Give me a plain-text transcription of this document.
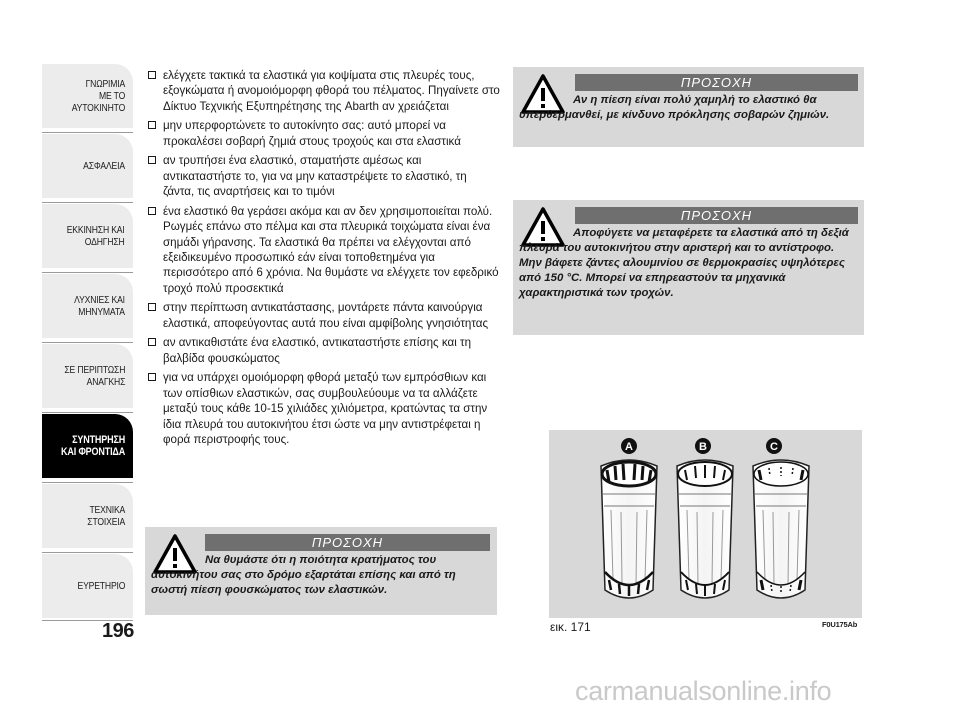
ΓΝΩΡΙΜΙΑ
ΜΕ ΤΟ
ΑΥΤΟΚΙΝΗΤΟ
ΑΣΦΑΛΕΙΑ
ΕΚΚΙΝΗΣΗ ΚΑΙ
ΟΔΗΓΗΣΗ
ΛΥΧΝΙΕΣ ΚΑΙ
ΜΗΝΥΜΑΤΑ
ΣΕ ΠΕΡΙΠΤΩΣΗ
ΑΝΑΓΚΗΣ
ΣΥΝΤΗΡΗΣΗ
ΚΑΙ ΦΡΟΝΤΙΔΑ
ΤΕΧΝΙΚΑ
ΣΤΟΙΧΕΙΑ
ΕΥΡΕΤΗΡΙΟ
196
ελέγχετε τακτικά τα ελαστικά για κοψίματα στις πλευρές τους, εξογκώματα ή ανομοιόμορφη φθορά του πέλματος. Πηγαίνετε στο Δίκτυο Τεχνικής Εξυπηρέτησης της Abarth αν χρειάζεται
μην υπερφορτώνετε το αυτοκίνητο σας: αυτό μπορεί να προκαλέσει σοβαρή ζημιά στους τροχούς και στα ελαστικά
αν τρυπήσει ένα ελαστικό, σταματήστε αμέσως και αντικαταστήστε το, για να μην καταστρέψετε το ελαστικό, τη ζάντα, τις αναρτήσεις και το τιμόνι
ένα ελαστικό θα γεράσει ακόμα και αν δεν χρησιμοποιείται πολύ. Ρωγμές επάνω στο πέλμα και στα πλευρικά τοιχώματα είναι ένα σημάδι γήρανσης. Τα ελαστικά θα πρέπει να ελέγχονται από εξειδικευμένο προσωπικό εάν είναι τοποθετημένα για περισσότερο από 6 χρόνια. Να θυμάστε να ελέγχετε τον εφεδρικό τροχό πολύ προσεκτικά
στην περίπτωση αντικατάστασης, μοντάρετε πάντα καινούργια ελαστικά, αποφεύγοντας αυτά που είναι αμφίβολης γνησιότητας
αν αντικαθιστάτε ένα ελαστικό, αντικαταστήστε επίσης και τη βαλβίδα φουσκώματος
για να υπάρχει ομοιόμορφη φθορά μεταξύ των εμπρόσθιων και των οπίσθιων ελαστικών, σας συμβουλεύουμε να τα αλλάζετε μεταξύ τους κάθε 10-15 χιλιάδες χιλιόμετρα, κρατώντας τα στην ίδια πλευρά του αυτοκινήτου έτσι ώστε να μην αντιστρέφεται η φορά περιστροφής τους.
ΠΡΟΣΟΧΗ
Να θυμάστε ότι η ποιότητα κρατήματος του αυτοκινήτου σας στο δρόμο εξαρτάται επίσης και από τη σωστή πίεση φουσκώματος των ελαστικών.
ΠΡΟΣΟΧΗ
Αν η πίεση είναι πολύ χαμηλή το ελαστικό θα υπερθερμανθεί, με κίνδυνο πρόκλησης σοβαρών ζημιών.
ΠΡΟΣΟΧΗ
Αποφύγετε να μεταφέρετε τα ελαστικά από τη δεξιά πλευρά του αυτοκινήτου στην αριστερή και το αντίστροφο.
Μην βάφετε ζάντες αλουμινίου σε θερμοκρασίες υψηλότερες από 150 °C. Μπορεί να επηρεαστούν τα μηχανικά χαρακτηριστικά των τροχών.
A	B	C
εικ. 171	F0U175Ab
carmanualsonline.info
